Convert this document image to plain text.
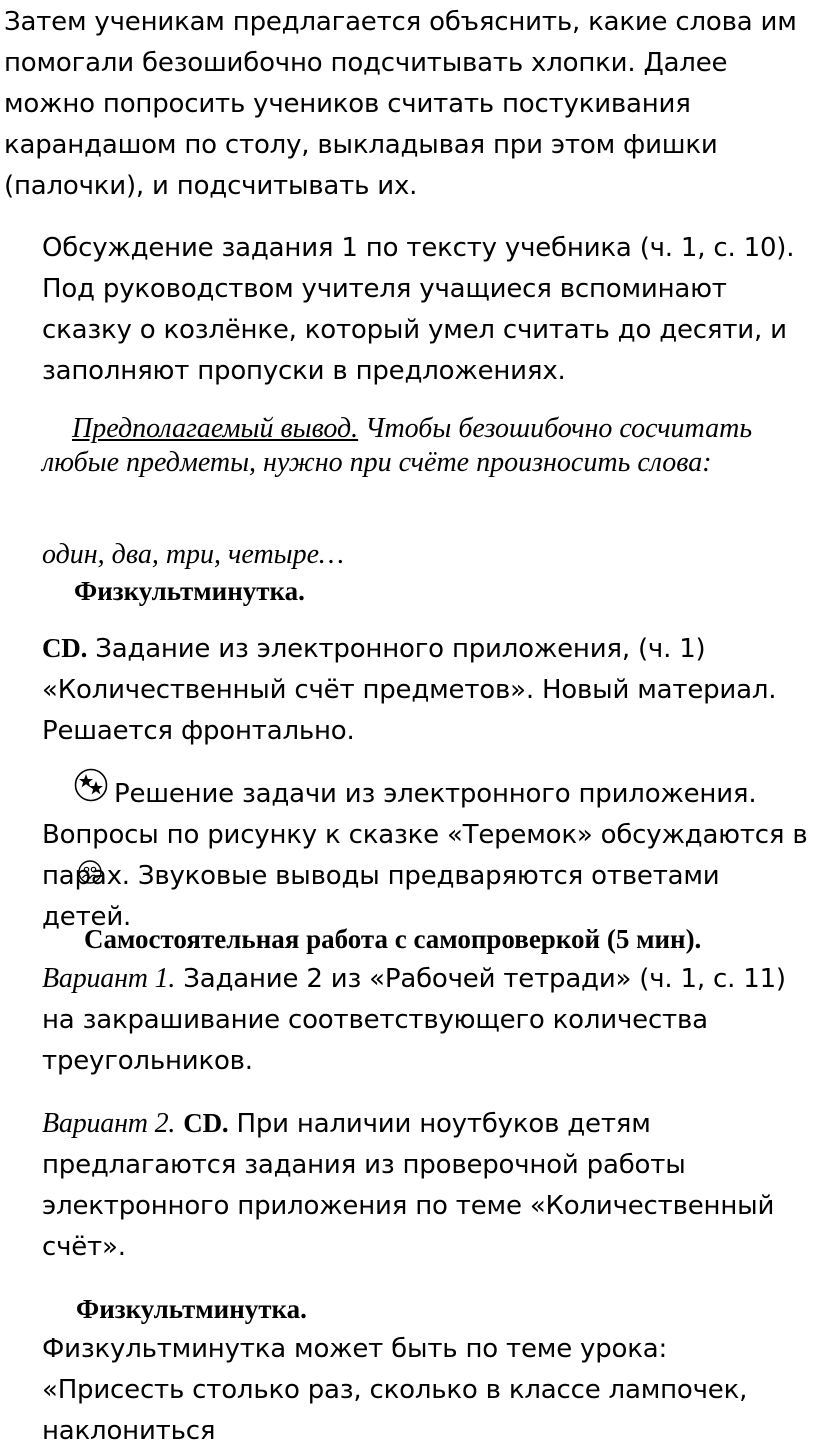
Затем ученикам предлагается объяснить, какие слова им помогали безошибочно подсчитывать хлопки. Далее можно попросить учеников считать постукивания карандашом по столу, выкладывая при этом фишки (палочки), и подсчитывать их.
Обсуждение задания 1 по тексту учебника (ч. 1, с. 10). Под руководством учителя учащиеся вспоминают сказку о козлёнке, который умел считать до десяти, и заполняют пропуски в предложениях.
Предполагаемый вывод. Чтобы безошибочно сосчитать любые предметы, нужно при счёте произносить слова:
один, два, три, четыре…
Физкультминутка.
CD. Задание из электронного приложения, (ч. 1) «Количественный счёт предметов». Новый материал. Решается фронтально.
Решение задачи из электронного приложения. Вопросы по рисунку к сказке «Теремок» обсуждаются в парах. Звуковые выводы предваряются ответами детей.
Самостоятельная работа с самопроверкой (5 мин).
Вариант 1. Задание 2 из «Рабочей тетради» (ч. 1, с. 11) на закрашивание соответствующего количества треугольников.
Вариант 2. CD. При наличии ноутбуков детям предлагаются задания из проверочной работы электронного приложения по теме «Количественный счёт».
Физкультминутка.
Физкультминутка может быть по теме урока: «Присесть столько раз, сколько в классе лампочек, наклониться
